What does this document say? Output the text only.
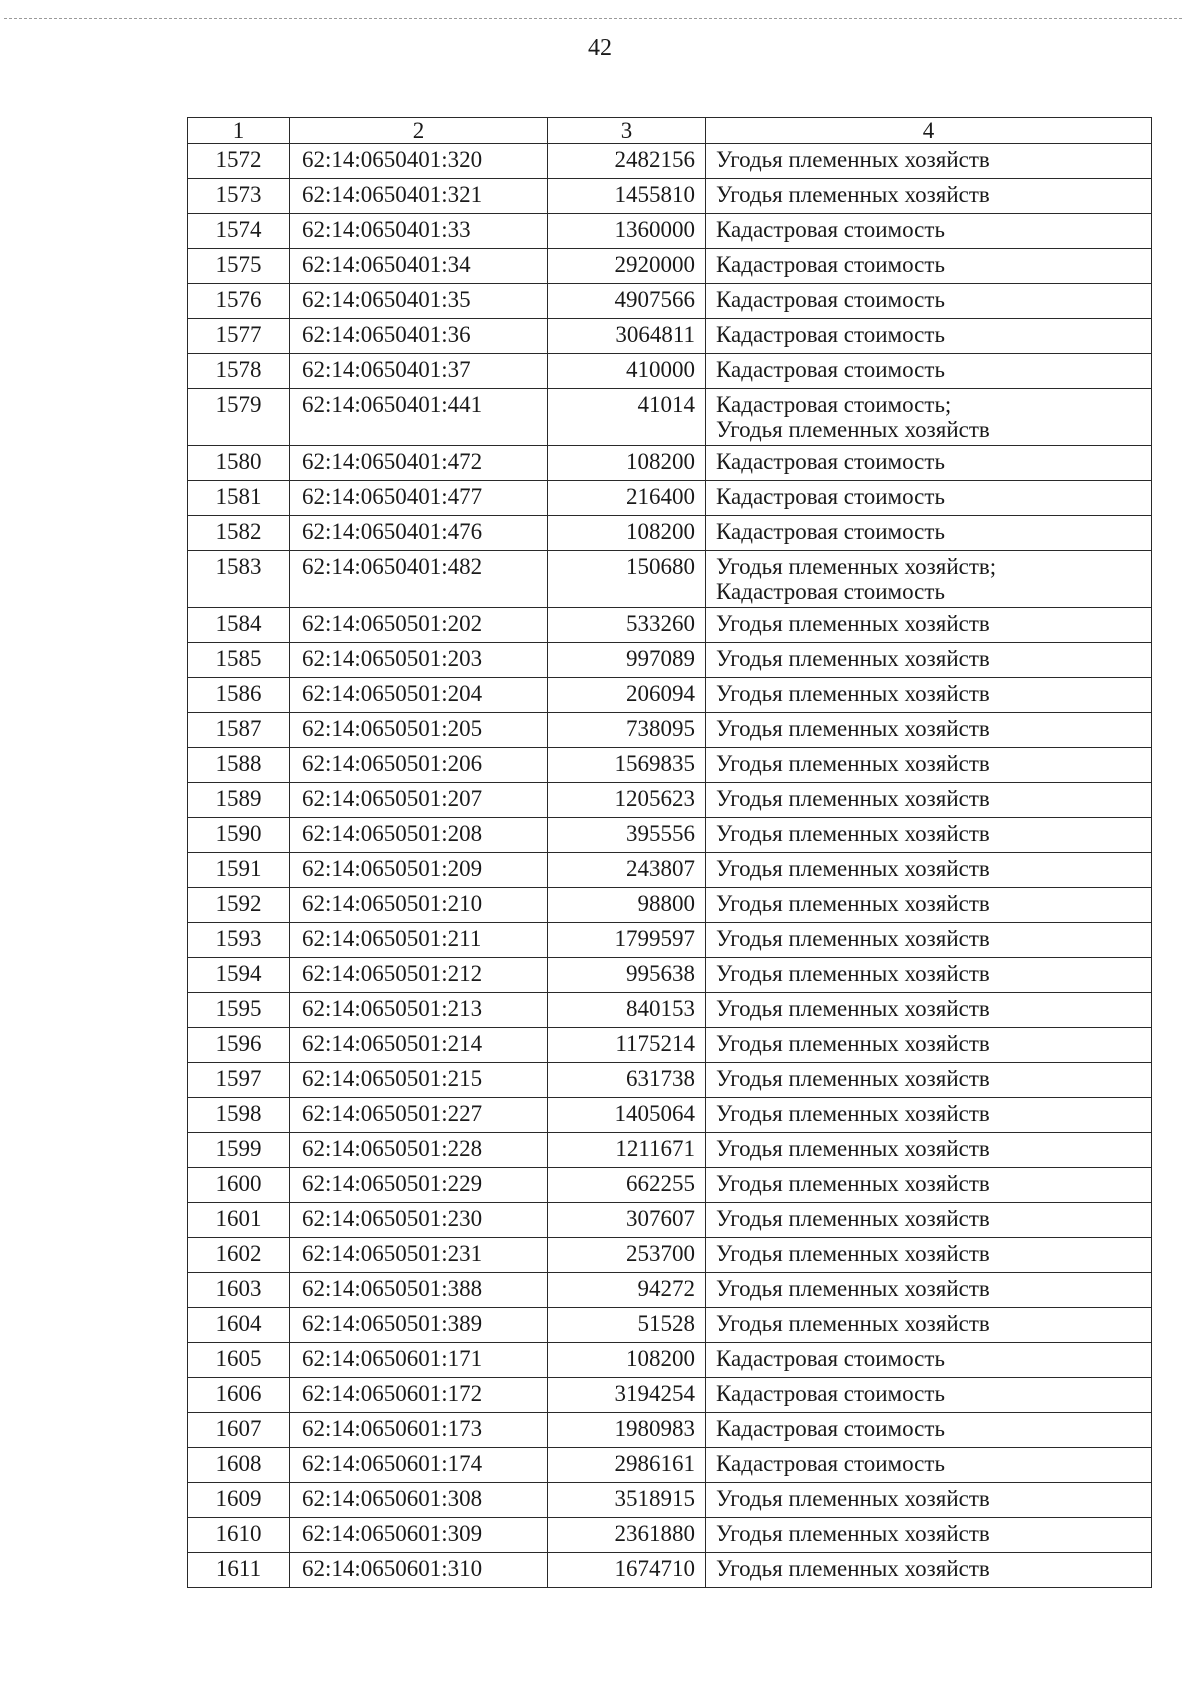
42
1	2	3	4
1572	62:14:0650401:320	2482156	Угодья племенных хозяйств

1573	62:14:0650401:321	1455810	Угодья племенных хозяйств

1574	62:14:0650401:33	1360000	Кадастровая стоимость

1575	62:14:0650401:34	2920000	Кадастровая стоимость

1576	62:14:0650401:35	4907566	Кадастровая стоимость

1577	62:14:0650401:36	3064811	Кадастровая стоимость

1578	62:14:0650401:37	410000	Кадастровая стоимость

1579	62:14:0650401:441	41014	Кадастровая стоимость;
Угодья племенных хозяйств

1580	62:14:0650401:472	108200	Кадастровая стоимость

1581	62:14:0650401:477	216400	Кадастровая стоимость

1582	62:14:0650401:476	108200	Кадастровая стоимость

1583	62:14:0650401:482	150680	Угодья племенных хозяйств;
Кадастровая стоимость

1584	62:14:0650501:202	533260	Угодья племенных хозяйств

1585	62:14:0650501:203	997089	Угодья племенных хозяйств

1586	62:14:0650501:204	206094	Угодья племенных хозяйств

1587	62:14:0650501:205	738095	Угодья племенных хозяйств

1588	62:14:0650501:206	1569835	Угодья племенных хозяйств

1589	62:14:0650501:207	1205623	Угодья племенных хозяйств

1590	62:14:0650501:208	395556	Угодья племенных хозяйств

1591	62:14:0650501:209	243807	Угодья племенных хозяйств

1592	62:14:0650501:210	98800	Угодья племенных хозяйств

1593	62:14:0650501:211	1799597	Угодья племенных хозяйств

1594	62:14:0650501:212	995638	Угодья племенных хозяйств

1595	62:14:0650501:213	840153	Угодья племенных хозяйств

1596	62:14:0650501:214	1175214	Угодья племенных хозяйств

1597	62:14:0650501:215	631738	Угодья племенных хозяйств

1598	62:14:0650501:227	1405064	Угодья племенных хозяйств

1599	62:14:0650501:228	1211671	Угодья племенных хозяйств

1600	62:14:0650501:229	662255	Угодья племенных хозяйств

1601	62:14:0650501:230	307607	Угодья племенных хозяйств

1602	62:14:0650501:231	253700	Угодья племенных хозяйств

1603	62:14:0650501:388	94272	Угодья племенных хозяйств

1604	62:14:0650501:389	51528	Угодья племенных хозяйств

1605	62:14:0650601:171	108200	Кадастровая стоимость

1606	62:14:0650601:172	3194254	Кадастровая стоимость

1607	62:14:0650601:173	1980983	Кадастровая стоимость

1608	62:14:0650601:174	2986161	Кадастровая стоимость

1609	62:14:0650601:308	3518915	Угодья племенных хозяйств

1610	62:14:0650601:309	2361880	Угодья племенных хозяйств

1611	62:14:0650601:310	1674710	Угодья племенных хозяйств
